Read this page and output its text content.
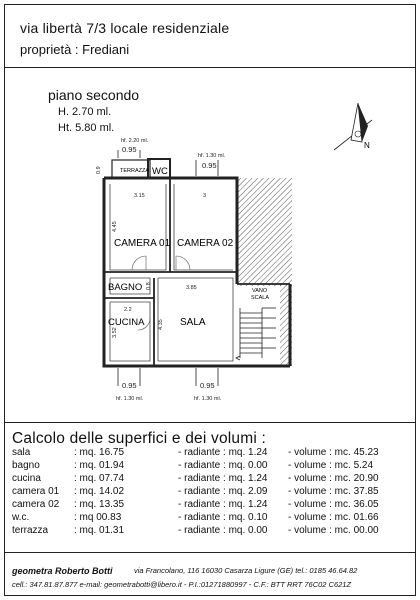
via libertà 7/3 locale residenziale
proprietà : Frediani
piano secondo
H. 2.70 ml.
Ht. 5.80 ml.
N
TERRAZZA WC
VANO
SCALA
CAMERA 01 CAMERA 02
BAGNO
CUCINA	SALA
hf. 2.20 ml.
0.95
hf. 1.30 ml.
0.95
3.15	3
4.45
3.85
0.9
0.8
2.2
3.52
4.35
0.95	0.95
hf. 1.30 ml.	hf. 1.30 ml.
Calcolo delle superfici e dei volumi :
sala	: mq. 16.75	- radiante : mq. 1.24 - volume : mc. 45.23
bagno	: mq. 01.94	- radiante : mq. 0.00 - volume : mc. 5.24
cucina	: mq. 07.74	- radiante : mq. 1.24 - volume : mc. 20.90
camera 01 : mq. 14.02	- radiante : mq. 2.09 - volume : mc. 37.85
camera 02 : mq. 13.35	- radiante : mq. 1.24 - volume : mc. 36.05
w.c.	: mq 00.83	- radiante : mq. 0.10 - volume : mc. 01.66
terrazza	: mq. 01.31	- radiante : mq. 0.00 - volume : mc. 00.00
geometra Roberto Botti	via Francolano, 116 16030 Casarza Ligure (GE) tel.: 0185 46.64.82
cell.: 347.81.87.877 e-mail: geometrabotti@libero.it - P.I.:01271880997 - C.F.: BTT RRT 76C02 C621Z
